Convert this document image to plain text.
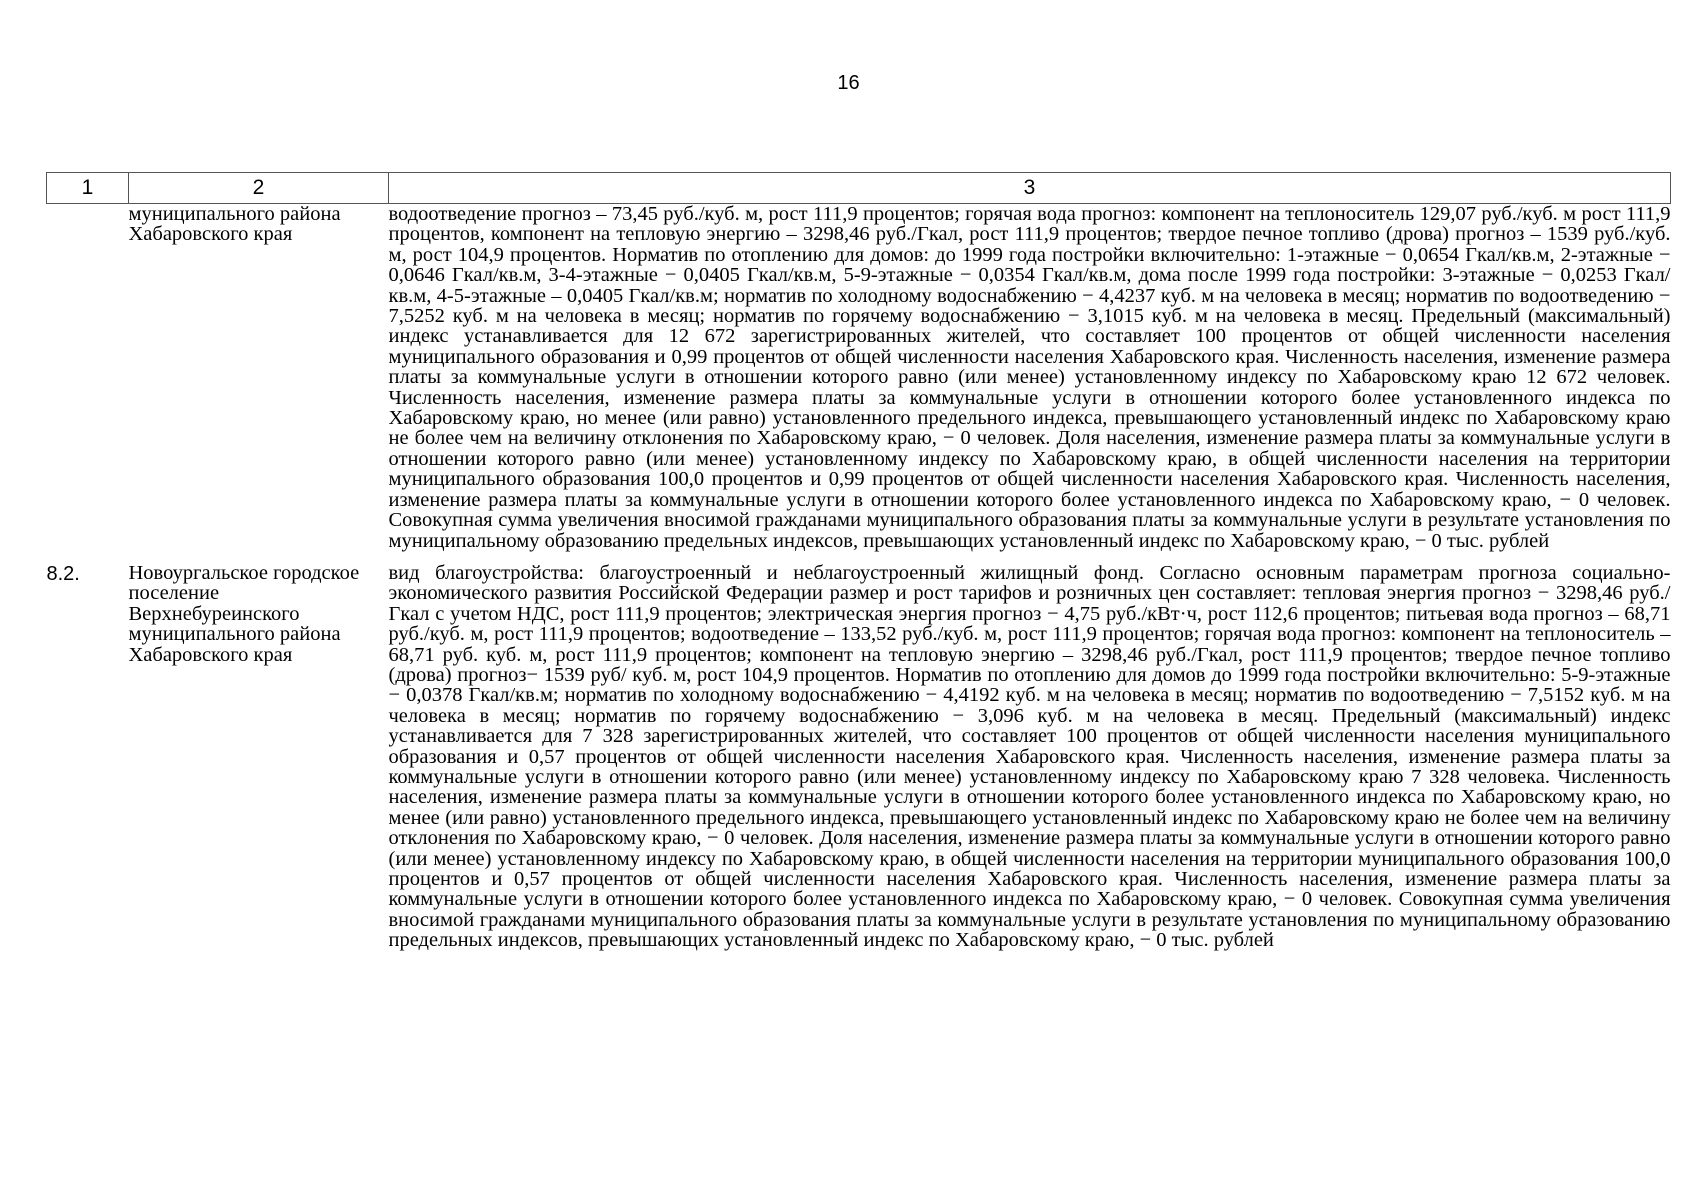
16
1	2	3
	муниципального района Хабаровского края	водоотведение прогноз – 73,45 руб./куб. м, рост 111,9 процентов; горячая вода прогноз: компонент на теплоноситель 129,07 руб./куб. м рост 111,9 процентов, компонент на тепловую энергию – 3298,46 руб./Гкал, рост 111,9 процентов; твердое печное топливо (дрова) прогноз – 1539 руб./куб. м, рост 104,9 процентов. Норматив по отоплению для домов: до 1999 года постройки включительно: 1-этажные − 0,0654 Гкал/кв.м, 2-этажные − 0,0646 Гкал/кв.м, 3-4-этажные − 0,0405 Гкал/кв.м, 5-9-этажные − 0,0354 Гкал/кв.м, дома после 1999 года постройки: 3-этажные − 0,0253 Гкал/кв.м, 4-5-этажные – 0,0405 Гкал/кв.м; норматив по холодному водоснабжению − 4,4237 куб. м на человека в месяц; норматив по водоотведению − 7,5252 куб. м на человека в месяц; норматив по горячему водоснабжению − 3,1015 куб. м на человека в месяц. Предельный (максимальный) индекс устанавливается для 12 672 зарегистрированных жителей, что составляет 100 процентов от общей численности населения муниципального образования и 0,99 процентов от общей численности населения Хабаровского края. Численность населения, изменение размера платы за коммунальные услуги в отношении которого равно (или менее) установленному индексу по Хабаровскому краю 12 672 человек. Численность населения, изменение размера платы за коммунальные услуги в отношении которого более установленного индекса по Хабаровскому краю, но менее (или равно) установленного предельного индекса, превышающего установленный индекс по Хабаровскому краю не более чем на величину отклонения по Хабаровскому краю, − 0 человек. Доля населения, изменение размера платы за коммунальные услуги в отношении которого равно (или менее) установленному индексу по Хабаровскому краю, в общей численности населения на территории муниципального образования 100,0 процентов и 0,99 процентов от общей численности населения Хабаровского края. Численность населения, изменение размера платы за коммунальные услуги в отношении которого более установленного индекса по Хабаровскому краю, − 0 человек. Совокупная сумма увеличения вносимой гражданами муниципального образования платы за коммунальные услуги в результате установления по муниципальному образованию предельных индексов, превышающих установленный индекс по Хабаровскому краю, − 0 тыс. рублей
8.2.	Новоургальское городское поселение Верхнебуреинского муниципального района Хабаровского края	вид благоустройства: благоустроенный и неблагоустроенный жилищный фонд. Согласно основным параметрам прогноза социально-экономического развития Российской Федерации размер и рост тарифов и розничных цен составляет: тепловая энергия прогноз − 3298,46 руб./Гкал с учетом НДС, рост 111,9 процентов; электрическая энергия прогноз − 4,75 руб./кВт·ч, рост 112,6 процентов; питьевая вода прогноз – 68,71 руб./куб. м, рост 111,9 процентов; водоотведение – 133,52 руб./куб. м, рост 111,9 процентов; горячая вода прогноз: компонент на теплоноситель – 68,71 руб. куб. м, рост 111,9 процентов; компонент на тепловую энергию – 3298,46 руб./Гкал, рост 111,9 процентов; твердое печное топливо (дрова) прогноз− 1539 руб/ куб. м, рост 104,9 процентов. Норматив по отоплению для домов до 1999 года постройки включительно: 5-9-этажные − 0,0378 Гкал/кв.м; норматив по холодному водоснабжению − 4,4192 куб. м на человека в месяц; норматив по водоотведению − 7,5152 куб. м на человека в месяц; норматив по горячему водоснабжению − 3,096 куб. м на человека в месяц. Предельный (максимальный) индекс устанавливается для 7 328 зарегистрированных жителей, что составляет 100 процентов от общей численности населения муниципального образования и 0,57 процентов от общей численности населения Хабаровского края. Численность населения, изменение размера платы за коммунальные услуги в отношении которого равно (или менее) установленному индексу по Хабаровскому краю 7 328 человека. Численность населения, изменение размера платы за коммунальные услуги в отношении которого более установленного индекса по Хабаровскому краю, но менее (или равно) установленного предельного индекса, превышающего установленный индекс по Хабаровскому краю не более чем на величину отклонения по Хабаровскому краю, − 0 человек. Доля населения, изменение размера платы за коммунальные услуги в отношении которого равно (или менее) установленному индексу по Хабаровскому краю, в общей численности населения на территории муниципального образования 100,0 процентов и 0,57 процентов от общей численности населения Хабаровского края. Численность населения, изменение размера платы за коммунальные услуги в отношении которого более установленного индекса по Хабаровскому краю, − 0 человек. Совокупная сумма увеличения вносимой гражданами муниципального образования платы за коммунальные услуги в результате установления по муниципальному образованию предельных индексов, превышающих установленный индекс по Хабаровскому краю, − 0 тыс. рублей
